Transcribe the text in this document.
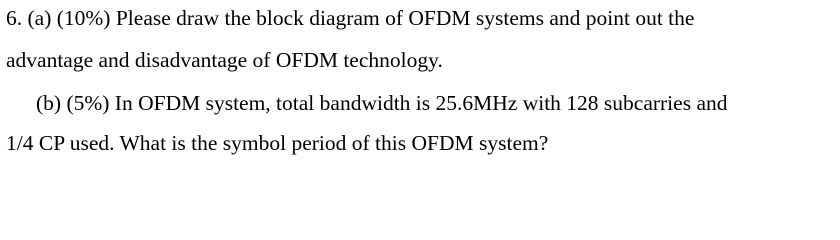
6. (a) (10%) Please draw the block diagram of OFDM systems and point out the
advantage and disadvantage of OFDM technology.
(b) (5%) In OFDM system, total bandwidth is 25.6MHz with 128 subcarries and
1/4 CP used. What is the symbol period of this OFDM system?
